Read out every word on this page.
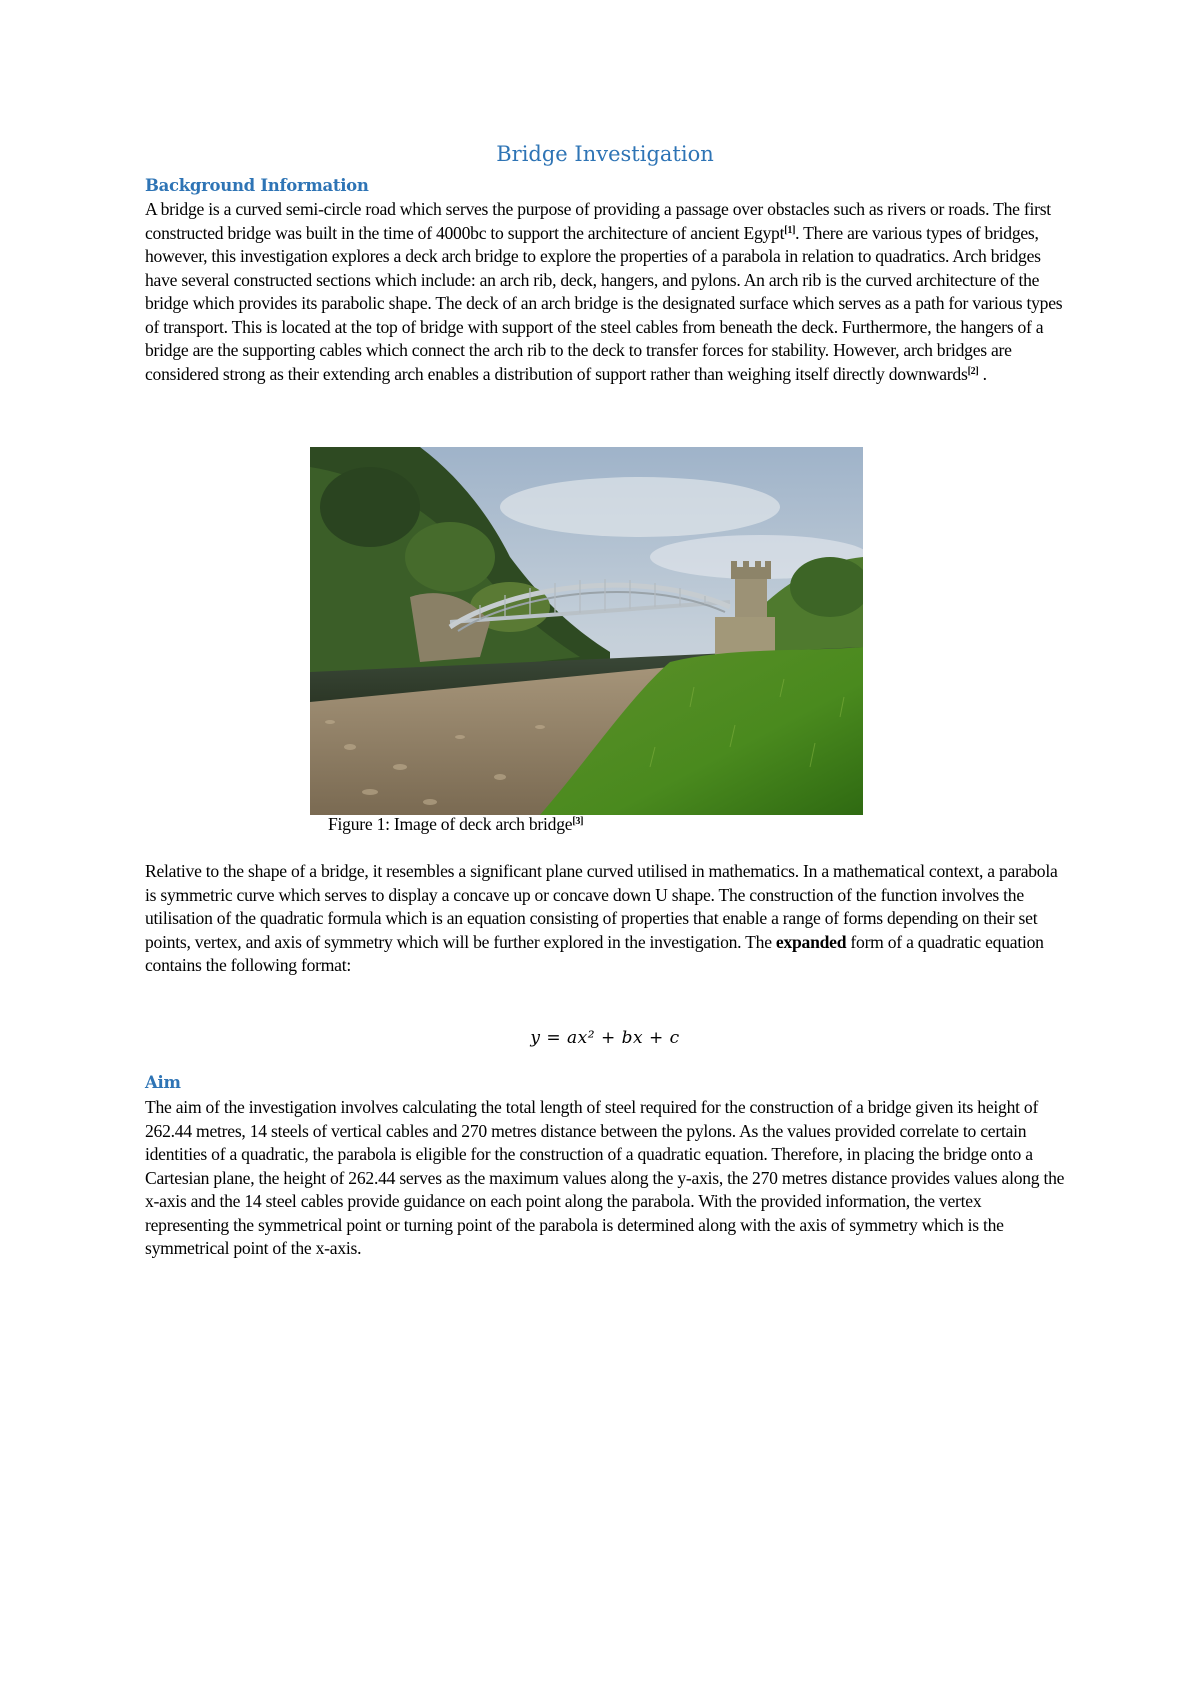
Bridge Investigation
Background Information

A bridge is a curved semi-circle road which serves the purpose of providing a passage over obstacles such as rivers or roads. The first constructed bridge was built in the time of 4000bc to support the architecture of ancient Egypt[1]. There are various types of bridges, however, this investigation explores a deck arch bridge to explore the properties of a parabola in relation to quadratics. Arch bridges have several constructed sections which include: an arch rib, deck, hangers, and pylons. An arch rib is the curved architecture of the bridge which provides its parabolic shape. The deck of an arch bridge is the designated surface which serves as a path for various types of transport. This is located at the top of bridge with support of the steel cables from beneath the deck. Furthermore, the hangers of a bridge are the supporting cables which connect the arch rib to the deck to transfer forces for stability. However, arch bridges are considered strong as their extending arch enables a distribution of support rather than weighing itself directly downwards[2] .

Figure 1: Image of deck arch bridge[3]

Relative to the shape of a bridge, it resembles a significant plane curved utilised in mathematics. In a mathematical context, a parabola is symmetric curve which serves to display a concave up or concave down U shape. The construction of the function involves the utilisation of the quadratic formula which is an equation consisting of properties that enable a range of forms depending on their set points, vertex, and axis of symmetry which will be further explored in the investigation. The expanded form of a quadratic equation contains the following format:

y = ax² + bx + c

Aim

The aim of the investigation involves calculating the total length of steel required for the construction of a bridge given its height of 262.44 metres, 14 steels of vertical cables and 270 metres distance between the pylons. As the values provided correlate to certain identities of a quadratic, the parabola is eligible for the construction of a quadratic equation. Therefore, in placing the bridge onto a Cartesian plane, the height of 262.44 serves as the maximum values along the y-axis, the 270 metres distance provides values along the x-axis and the 14 steel cables provide guidance on each point along the parabola. With the provided information, the vertex representing the symmetrical point or turning point of the parabola is determined along with the axis of symmetry which is the symmetrical point of the x-axis.
